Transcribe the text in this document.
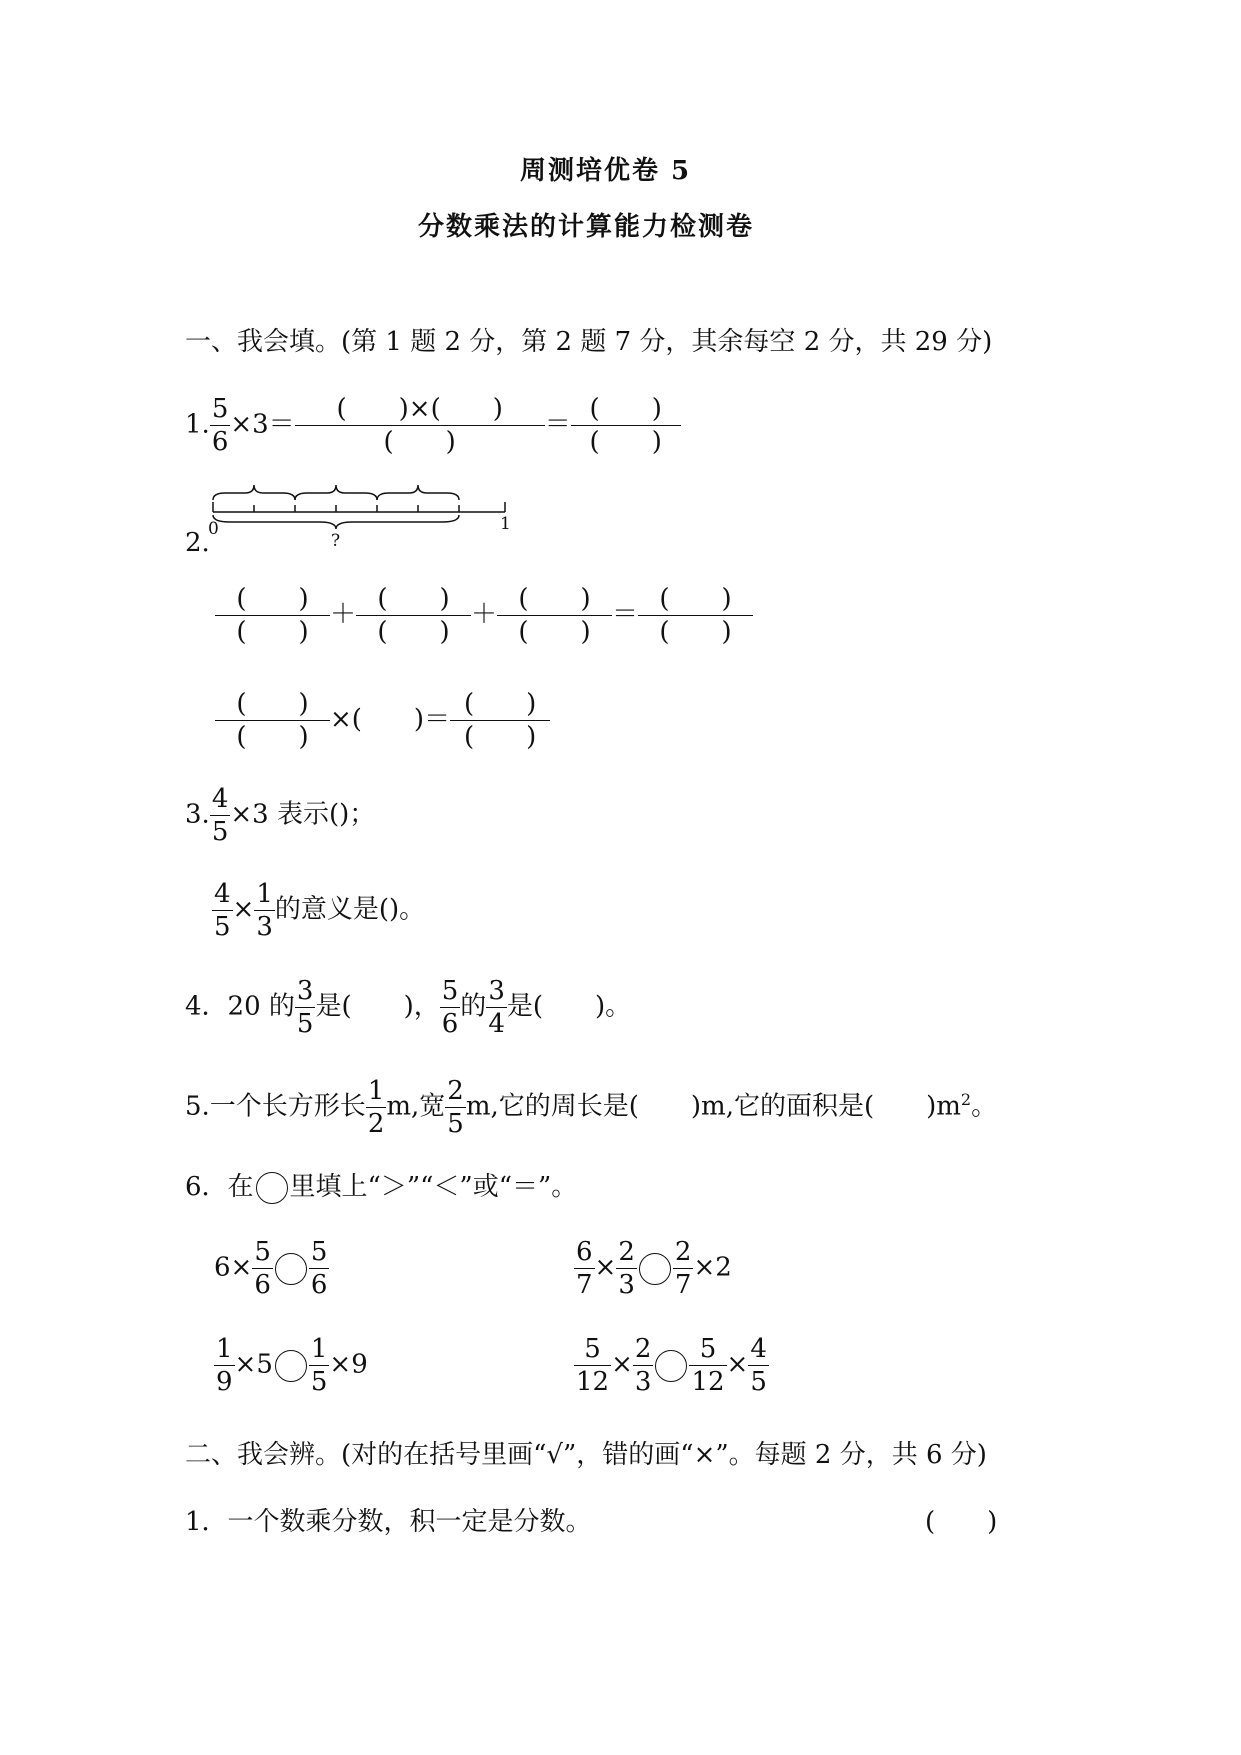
周测培优卷 5
分数乘法的计算能力检测卷
一、我会填。(第 1 题 2 分，第 2 题 7 分，其余每空 2 分，共 29 分)
1. $\frac{5}{6} \times 3= \frac{( )\times( )}{( )} = \frac{( )}{( )}$
2.
0	1
?
$\frac{( )}{( )} + \frac{( )}{( )} + \frac{( )}{( )} = \frac{( )}{( )}$
$\frac{( )}{( )}$ ×(　　)＝ $\frac{( )}{( )}$
3. $\frac{4}{5} \times 3$ 表示()；
$\frac{4}{5} \times \frac{1}{3}$ 的意义是()。
4．20 的 $\frac{3}{5}$ 是(　　)， $\frac{5}{6}$ 的 $\frac{3}{4}$ 是(　　)。
5.一个长方形长 $\frac{1}{2} m$,宽 $\frac{2}{5} m$,它的周长是(　　)m,它的面积是(　　)$m^2$。
6．在 里填上“＞”“＜”或“＝”。
$6\times \frac{5}{6} \frac{5}{6}$	$\frac{6}{7} \times \frac{2}{3} \frac{2}{7} \times 2$
$\frac{1}{9} \times 5 \frac{1}{5} \times 9$	$\frac{5}{12} \times \frac{2}{3} \frac{5}{12} \times \frac{4}{5}$
二、我会辨。(对的在括号里画“√”，错的画“×”。每题 2 分，共 6 分)
1．一个数乘分数，积一定是分数。	(　　)
